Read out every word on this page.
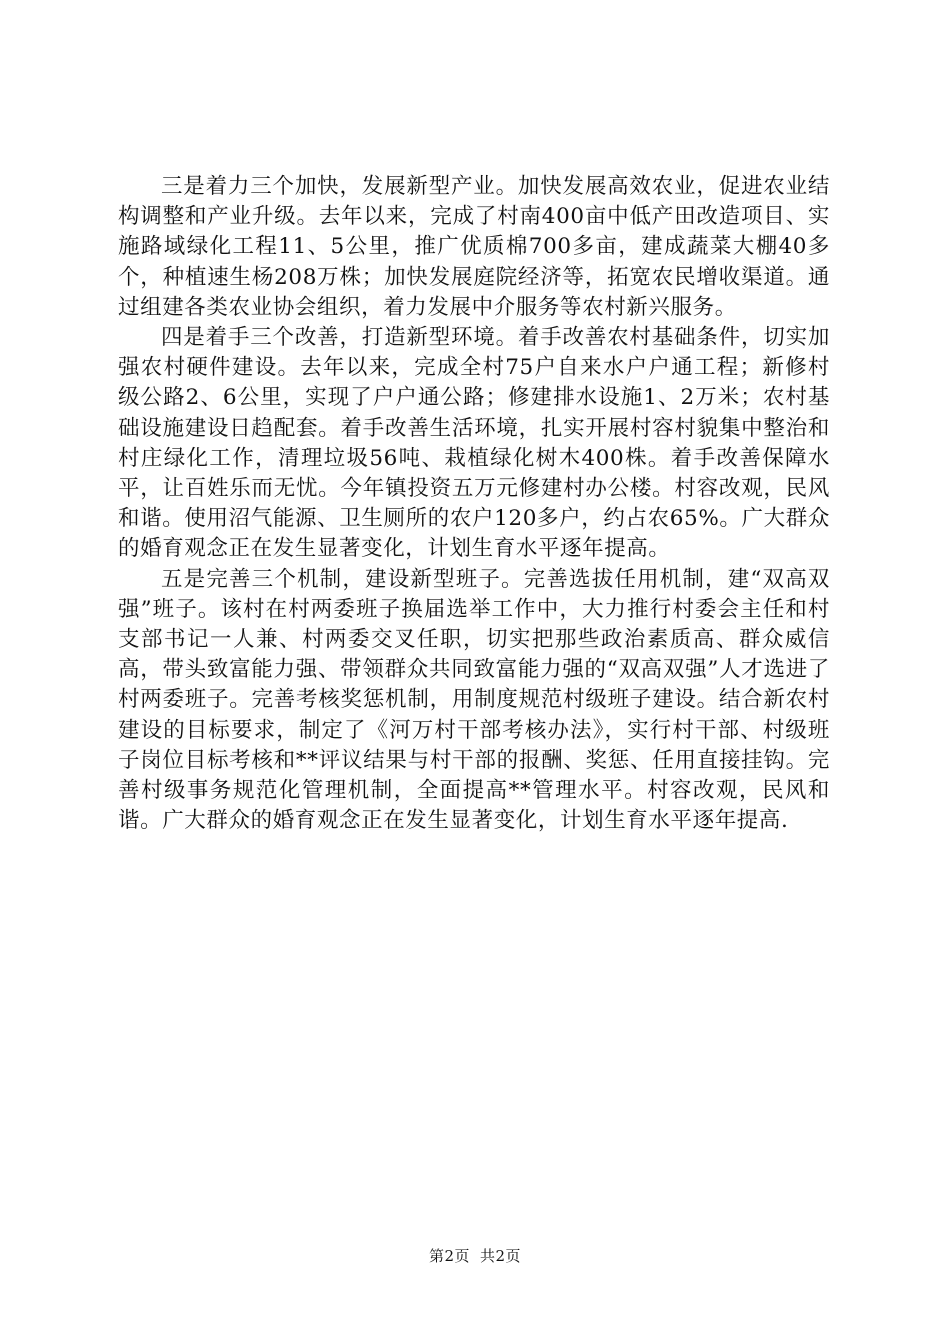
三是着力三个加快，发展新型产业。加快发展高效农业，促进农业结构调整和产业升级。去年以来，完成了村南400亩中低产田改造项目、实施路域绿化工程11、5公里，推广优质棉700多亩，建成蔬菜大棚40多个，种植速生杨208万株；加快发展庭院经济等，拓宽农民增收渠道。通过组建各类农业协会组织，着力发展中介服务等农村新兴服务。

四是着手三个改善，打造新型环境。着手改善农村基础条件，切实加强农村硬件建设。去年以来，完成全村75户自来水户户通工程；新修村级公路2、6公里，实现了户户通公路；修建排水设施1、2万米；农村基础设施建设日趋配套。着手改善生活环境，扎实开展村容村貌集中整治和村庄绿化工作，清理垃圾56吨、栽植绿化树木400株。着手改善保障水平，让百姓乐而无忧。今年镇投资五万元修建村办公楼。村容改观，民风和谐。使用沼气能源、卫生厕所的农户120多户，约占农65%。广大群众的婚育观念正在发生显著变化，计划生育水平逐年提高。

五是完善三个机制，建设新型班子。完善选拔任用机制，建“双高双强”班子。该村在村两委班子换届选举工作中，大力推行村委会主任和村支部书记一人兼、村两委交叉任职，切实把那些政治素质高、群众威信高，带头致富能力强、带领群众共同致富能力强的“双高双强”人才选进了村两委班子。完善考核奖惩机制，用制度规范村级班子建设。结合新农村建设的目标要求，制定了《河万村干部考核办法》，实行村干部、村级班子岗位目标考核和**评议结果与村干部的报酬、奖惩、任用直接挂钩。完善村级事务规范化管理机制，全面提高**管理水平。村容改观，民风和谐。广大群众的婚育观念正在发生显著变化，计划生育水平逐年提高.

第2页 共2页
